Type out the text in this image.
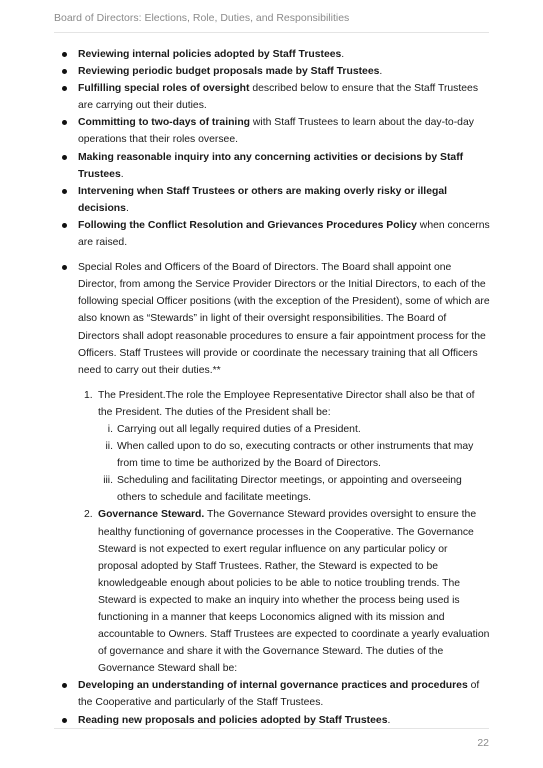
Board of Directors: Elections, Role, Duties, and Responsibilities
Reviewing internal policies adopted by Staff Trustees.
Reviewing periodic budget proposals made by Staff Trustees.
Fulfilling special roles of oversight described below to ensure that the Staff Trustees are carrying out their duties.
Committing to two-days of training with Staff Trustees to learn about the day-to-day operations that their roles oversee.
Making reasonable inquiry into any concerning activities or decisions by Staff Trustees.
Intervening when Staff Trustees or others are making overly risky or illegal decisions.
Following the Conflict Resolution and Grievances Procedures Policy when concerns are raised.
Special Roles and Officers of the Board of Directors. The Board shall appoint one Director, from among the Service Provider Directors or the Initial Directors, to each of the following special Officer positions (with the exception of the President), some of which are also known as “Stewards” in light of their oversight responsibilities. The Board of Directors shall adopt reasonable procedures to ensure a fair appointment process for the Officers. Staff Trustees will provide or coordinate the necessary training that all Officers need to carry out their duties.**
1. The President.The role the Employee Representative Director shall also be that of the President. The duties of the President shall be:
i. Carrying out all legally required duties of a President.
ii. When called upon to do so, executing contracts or other instruments that may from time to time be authorized by the Board of Directors.
iii. Scheduling and facilitating Director meetings, or appointing and overseeing others to schedule and facilitate meetings.
2. Governance Steward. The Governance Steward provides oversight to ensure the healthy functioning of governance processes in the Cooperative. The Governance Steward is not expected to exert regular influence on any particular policy or proposal adopted by Staff Trustees. Rather, the Steward is expected to be knowledgeable enough about policies to be able to notice troubling trends. The Steward is expected to make an inquiry into whether the process being used is functioning in a manner that keeps Loconomics aligned with its mission and accountable to Owners. Staff Trustees are expected to coordinate a yearly evaluation of governance and share it with the Governance Steward. The duties of the Governance Steward shall be:
Developing an understanding of internal governance practices and procedures of the Cooperative and particularly of the Staff Trustees.
Reading new proposals and policies adopted by Staff Trustees.
22
